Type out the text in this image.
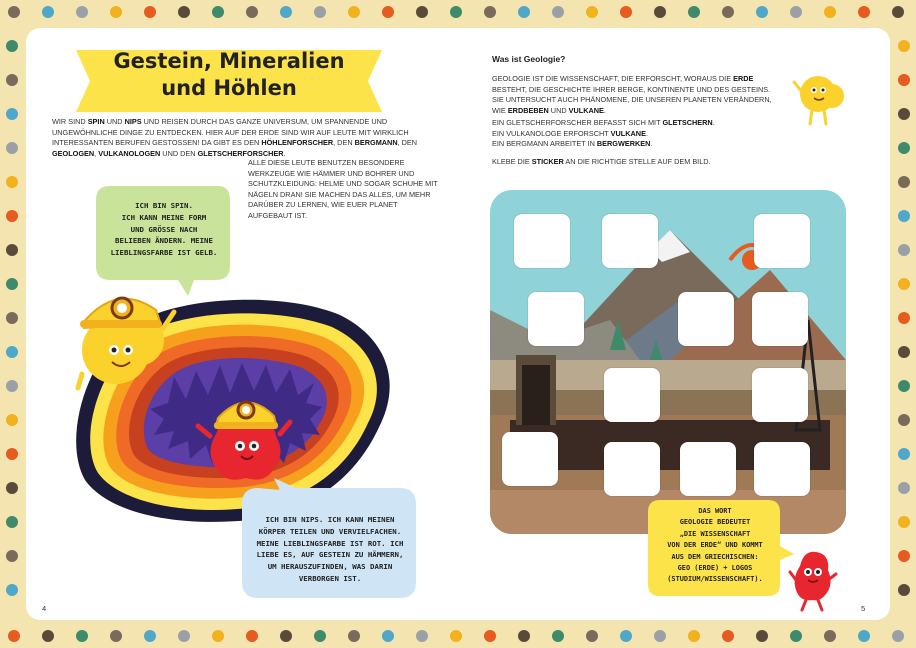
Gestein, Mineralien
und Höhlen
WIR SIND SPIN UND NIPS UND REISEN DURCH DAS GANZE UNIVERSUM, UM SPANNENDE UND UNGEWÖHNLICHE DINGE ZU ENTDECKEN. HIER AUF DER ERDE SIND WIR AUF LEUTE MIT WIRKLICH INTERESSANTEN BERUFEN GESTOSSEN! DA GIBT ES DEN HÖHLENFORSCHER, DEN BERGMANN, DEN GEOLOGEN, VULKANOLOGEN UND DEN GLETSCHERFORSCHER.
ALLE DIESE LEUTE BENUTZEN BESONDERE WERKZEUGE WIE HÄMMER UND BOHRER UND SCHUTZKLEIDUNG: HELME UND SOGAR SCHUHE MIT NÄGELN DRAN! SIE MACHEN DAS ALLES, UM MEHR DARÜBER ZU LERNEN, WIE EUER PLANET AUFGEBAUT IST.
ICH BIN SPIN.
ICH KANN MEINE FORM
UND GRÖSSE NACH
BELIEBEN ÄNDERN. MEINE
LIEBLINGSFARBE IST GELB.
ICH BIN NIPS. ICH KANN MEINEN
KÖRPER TEILEN UND VERVIELFACHEN.
MEINE LIEBLINGSFARBE IST ROT. ICH
LIEBE ES, AUF GESTEIN ZU HÄMMERN,
UM HERAUSZUFINDEN, WAS DARIN
VERBORGEN IST.
4
Was ist Geologie?
GEOLOGIE IST DIE WISSENSCHAFT, DIE ERFORSCHT, WORAUS DIE ERDE BESTEHT, DIE GESCHICHTE IHRER BERGE, KONTINENTE UND DES GESTEINS. SIE UNTERSUCHT AUCH PHÄNOMENE, DIE UNSEREN PLANETEN VERÄNDERN, WIE ERDBEBEN UND VULKANE.
EIN GLETSCHERFORSCHER BEFASST SICH MIT GLETSCHERN.
EIN VULKANOLOGE ERFORSCHT VULKANE.
EIN BERGMANN ARBEITET IN BERGWERKEN.
KLEBE DIE STICKER AN DIE RICHTIGE STELLE AUF DEM BILD.
DAS WORT
GEOLOGIE BEDEUTET
„DIE WISSENSCHAFT
VON DER ERDE“ UND KOMMT
AUS DEM GRIECHISCHEN:
GEO (ERDE) + LOGOS
(STUDIUM/WISSENSCHAFT).
5
